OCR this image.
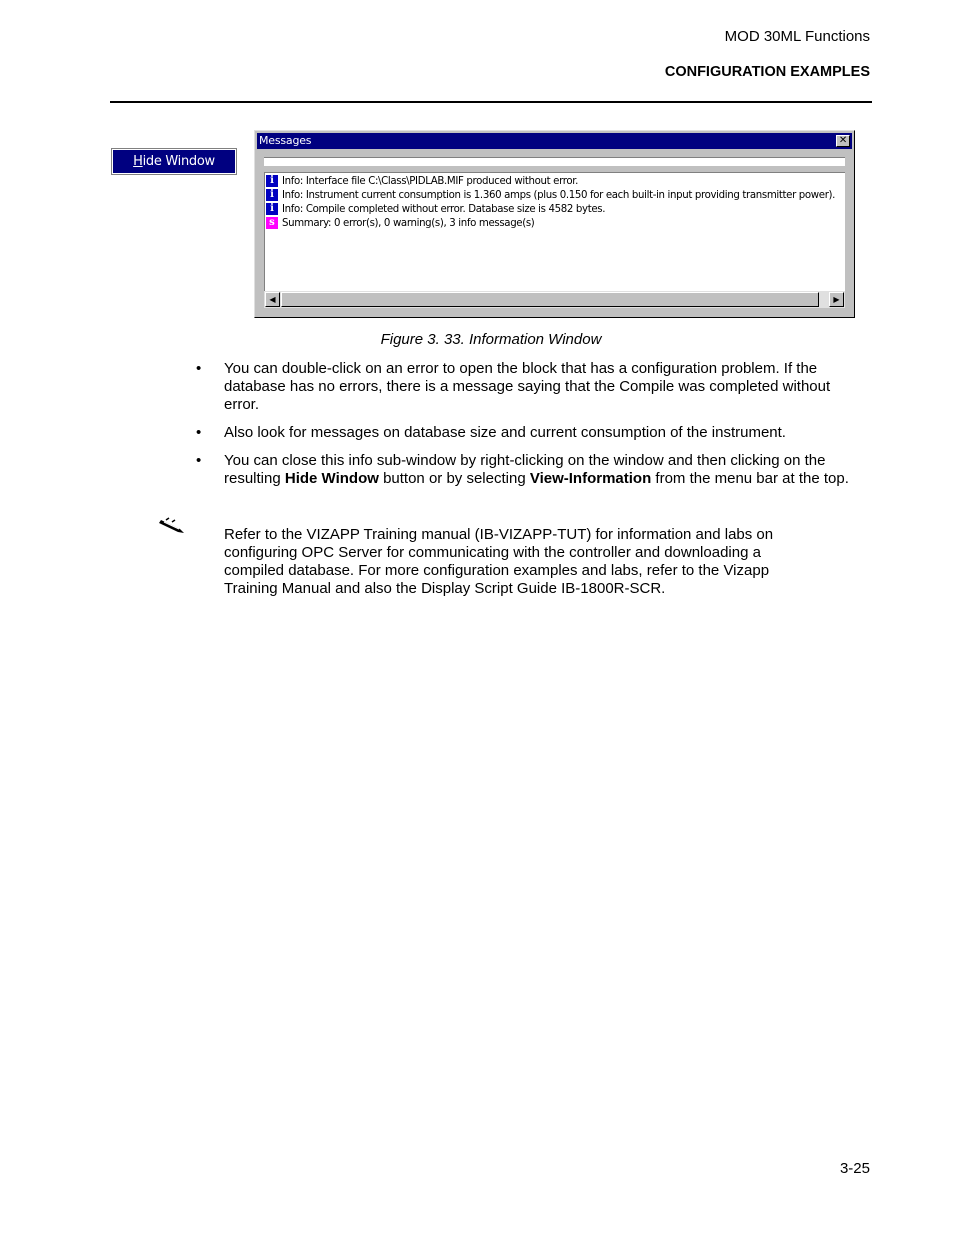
MOD 30ML Functions
CONFIGURATION EXAMPLES
Hide Window
Messages	✕
i Info: Interface file C:\Class\PIDLAB.MIF produced without error.
i Info: Instrument current consumption is 1.360 amps (plus 0.150 for each built-in input providing transmitter power).
i Info: Compile completed without error. Database size is 4582 bytes.
s Summary: 0 error(s), 0 warning(s), 3 info message(s)
◀	▶
Figure 3. 33. Information Window
• You can double-click on an error to open the block that has a configuration problem. If the database has no errors, there is a message saying that the Compile was completed without error.
• Also look for messages on database size and current consumption of the instrument.
• You can close this info sub-window by right-clicking on the window and then clicking on the resulting Hide Window button or by selecting View-Information from the menu bar at the top.
Refer to the VIZAPP Training manual (IB-VIZAPP-TUT) for information and labs on configuring OPC Server for communicating with the controller and downloading a compiled database. For more configuration examples and labs, refer to the Vizapp Training Manual and also the Display Script Guide IB-1800R-SCR.
3-25
